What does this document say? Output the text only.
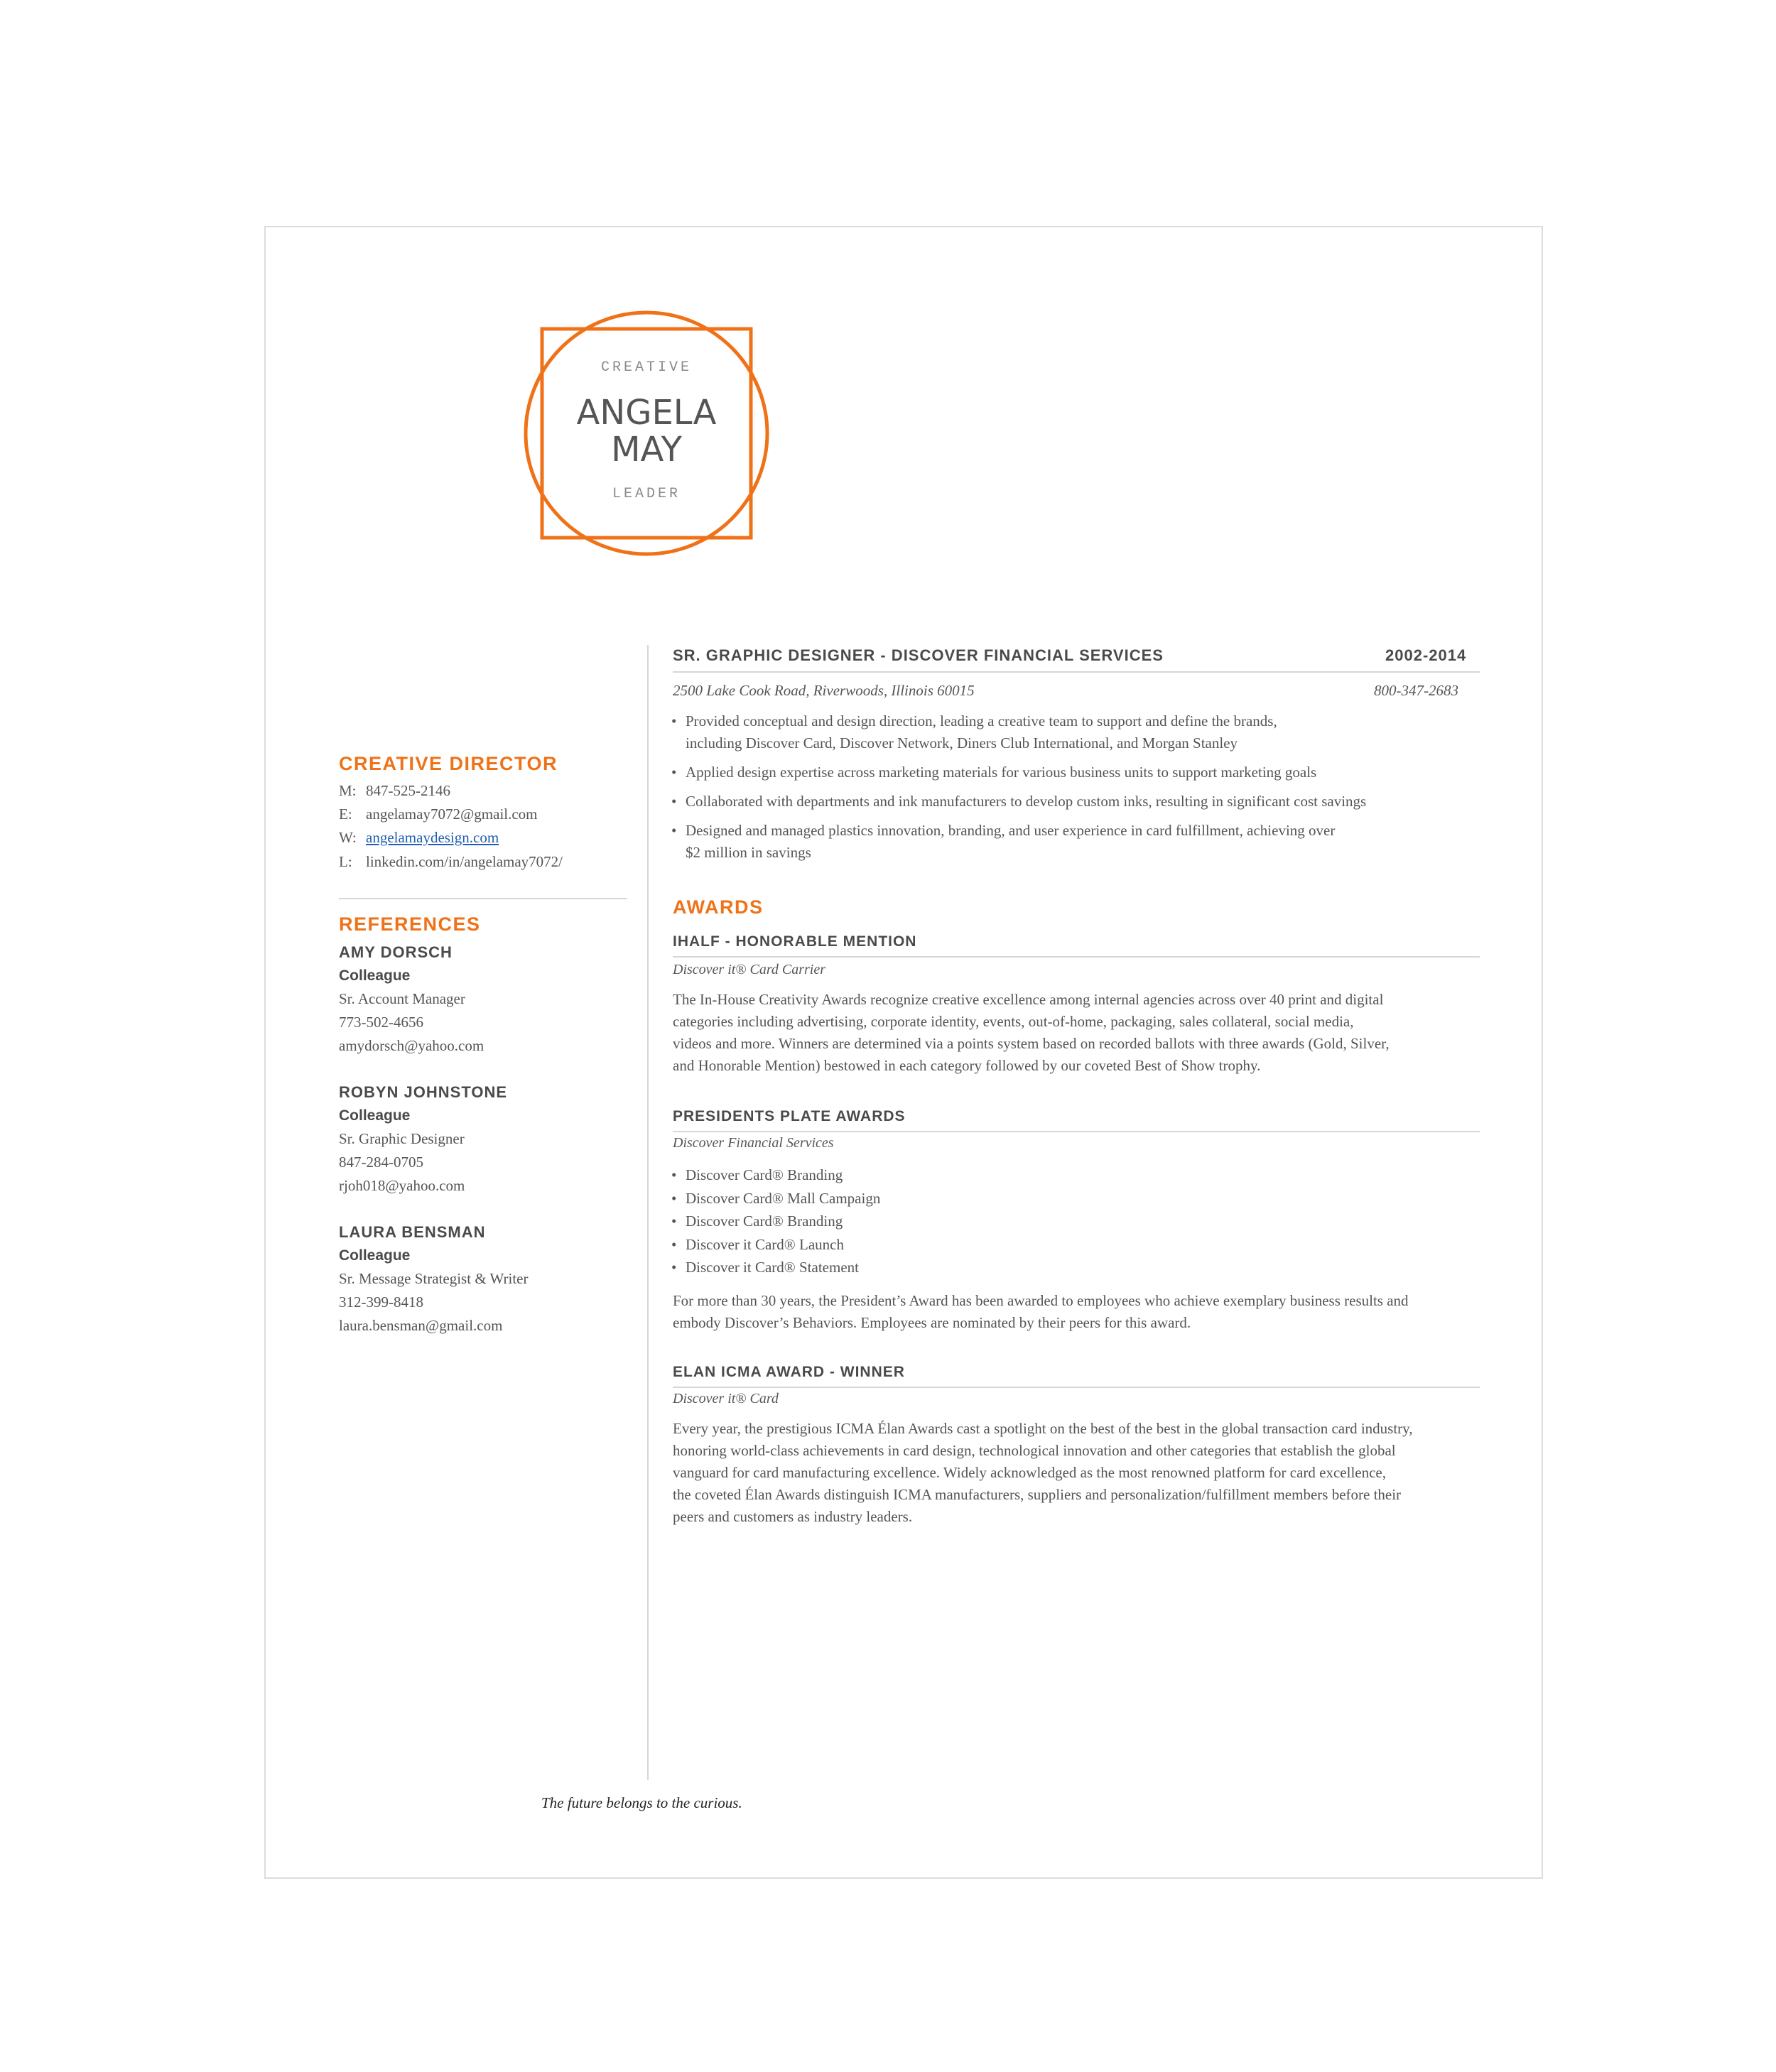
CREATIVE
ANGELA
MAY
LEADER
CREATIVE DIRECTOR
M: 847-525-2146
E: angelamay7072@gmail.com
W: angelamaydesign.com
L: linkedin.com/in/angelamay7072/
REFERENCES
AMY DORSCH
Colleague
Sr. Account Manager
773-502-4656
amydorsch@yahoo.com
ROBYN JOHNSTONE
Colleague
Sr. Graphic Designer
847-284-0705
rjoh018@yahoo.com
LAURA BENSMAN
Colleague
Sr. Message Strategist & Writer
312-399-8418
laura.bensman@gmail.com
SR. GRAPHIC DESIGNER - DISCOVER FINANCIAL SERVICES	2002-2014
2500 Lake Cook Road, Riverwoods, Illinois 60015	800-347-2683
• Provided conceptual and design direction, leading a creative team to support and define the brands,
including Discover Card, Discover Network, Diners Club International, and Morgan Stanley
• Applied design expertise across marketing materials for various business units to support marketing goals
• Collaborated with departments and ink manufacturers to develop custom inks, resulting in significant cost savings
• Designed and managed plastics innovation, branding, and user experience in card fulfillment, achieving over
$2 million in savings
AWARDS
IHALF - HONORABLE MENTION
Discover it® Card Carrier
The In-House Creativity Awards recognize creative excellence among internal agencies across over 40 print and digital
categories including advertising, corporate identity, events, out-of-home, packaging, sales collateral, social media,
videos and more. Winners are determined via a points system based on recorded ballots with three awards (Gold, Silver,
and Honorable Mention) bestowed in each category followed by our coveted Best of Show trophy.
PRESIDENTS PLATE AWARDS
Discover Financial Services
• Discover Card® Branding
• Discover Card® Mall Campaign
• Discover Card® Branding
• Discover it Card® Launch
• Discover it Card® Statement
For more than 30 years, the President’s Award has been awarded to employees who achieve exemplary business results and
embody Discover’s Behaviors. Employees are nominated by their peers for this award.
ELAN ICMA AWARD - WINNER
Discover it® Card
Every year, the prestigious ICMA Élan Awards cast a spotlight on the best of the best in the global transaction card industry,
honoring world-class achievements in card design, technological innovation and other categories that establish the global
vanguard for card manufacturing excellence. Widely acknowledged as the most renowned platform for card excellence,
the coveted Élan Awards distinguish ICMA manufacturers, suppliers and personalization/fulfillment members before their
peers and customers as industry leaders.
The future belongs to the curious.
